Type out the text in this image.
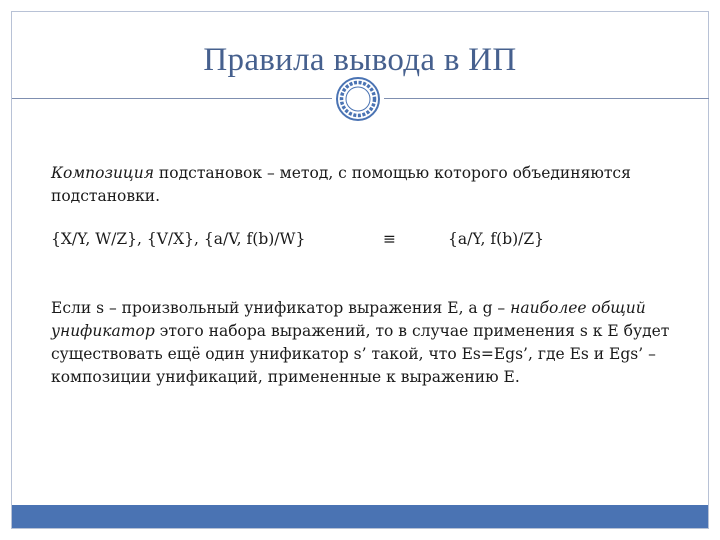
Правила вывода в ИП

Композиция подстановок – метод, с помощью которого объединяются подстановки.

{X/Y, W/Z}, {V/X}, {a/V, f(b)/W}	≡	{a/Y, f(b)/Z}

Если s – произвольный унификатор выражения E, а g – наиболее общий унификатор этого набора выражений, то в случае применения s к E будет существовать ещё один унификатор s’ такой, что Es=Egs’, где Es и Egs’ – композиции унификаций, примененные к выражению E.
